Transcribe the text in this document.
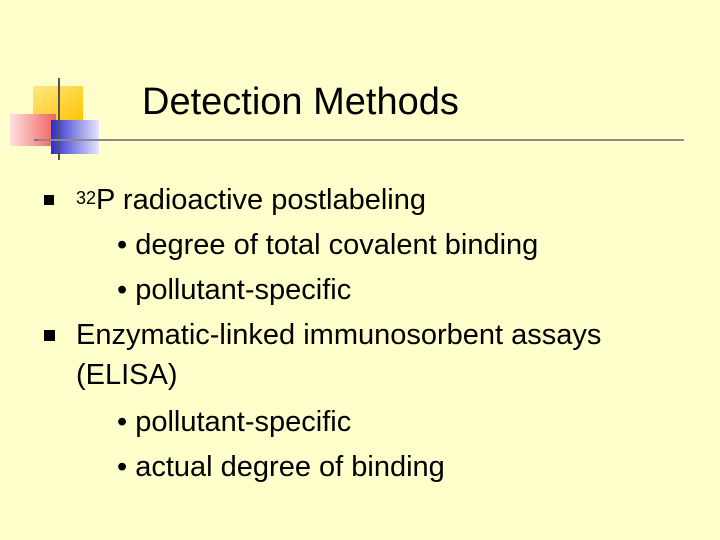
Detection Methods
$^{32}$P radioactive postlabeling
• degree of total covalent binding
• pollutant-specific
Enzymatic-linked immunosorbent assays
(ELISA)
• pollutant-specific
• actual degree of binding
